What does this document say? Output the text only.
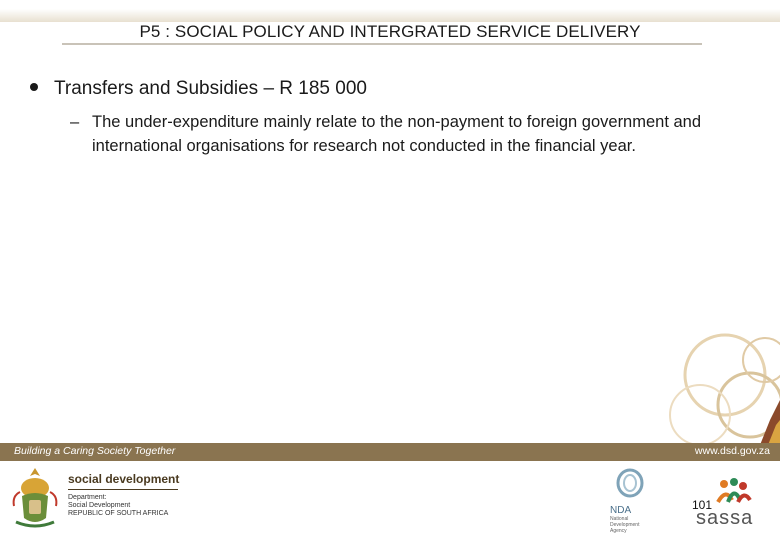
P5 : SOCIAL POLICY AND INTERGRATED SERVICE DELIVERY
Transfers and Subsidies – R 185 000
– The under-expenditure mainly relate to the non-payment to foreign government and international organisations for research not conducted in the financial year.
Building a Caring Society Together	www.dsd.gov.za
social development
Department:
Social Development
REPUBLIC OF SOUTH AFRICA	NDA
National
Development
Agency
sassa
101
